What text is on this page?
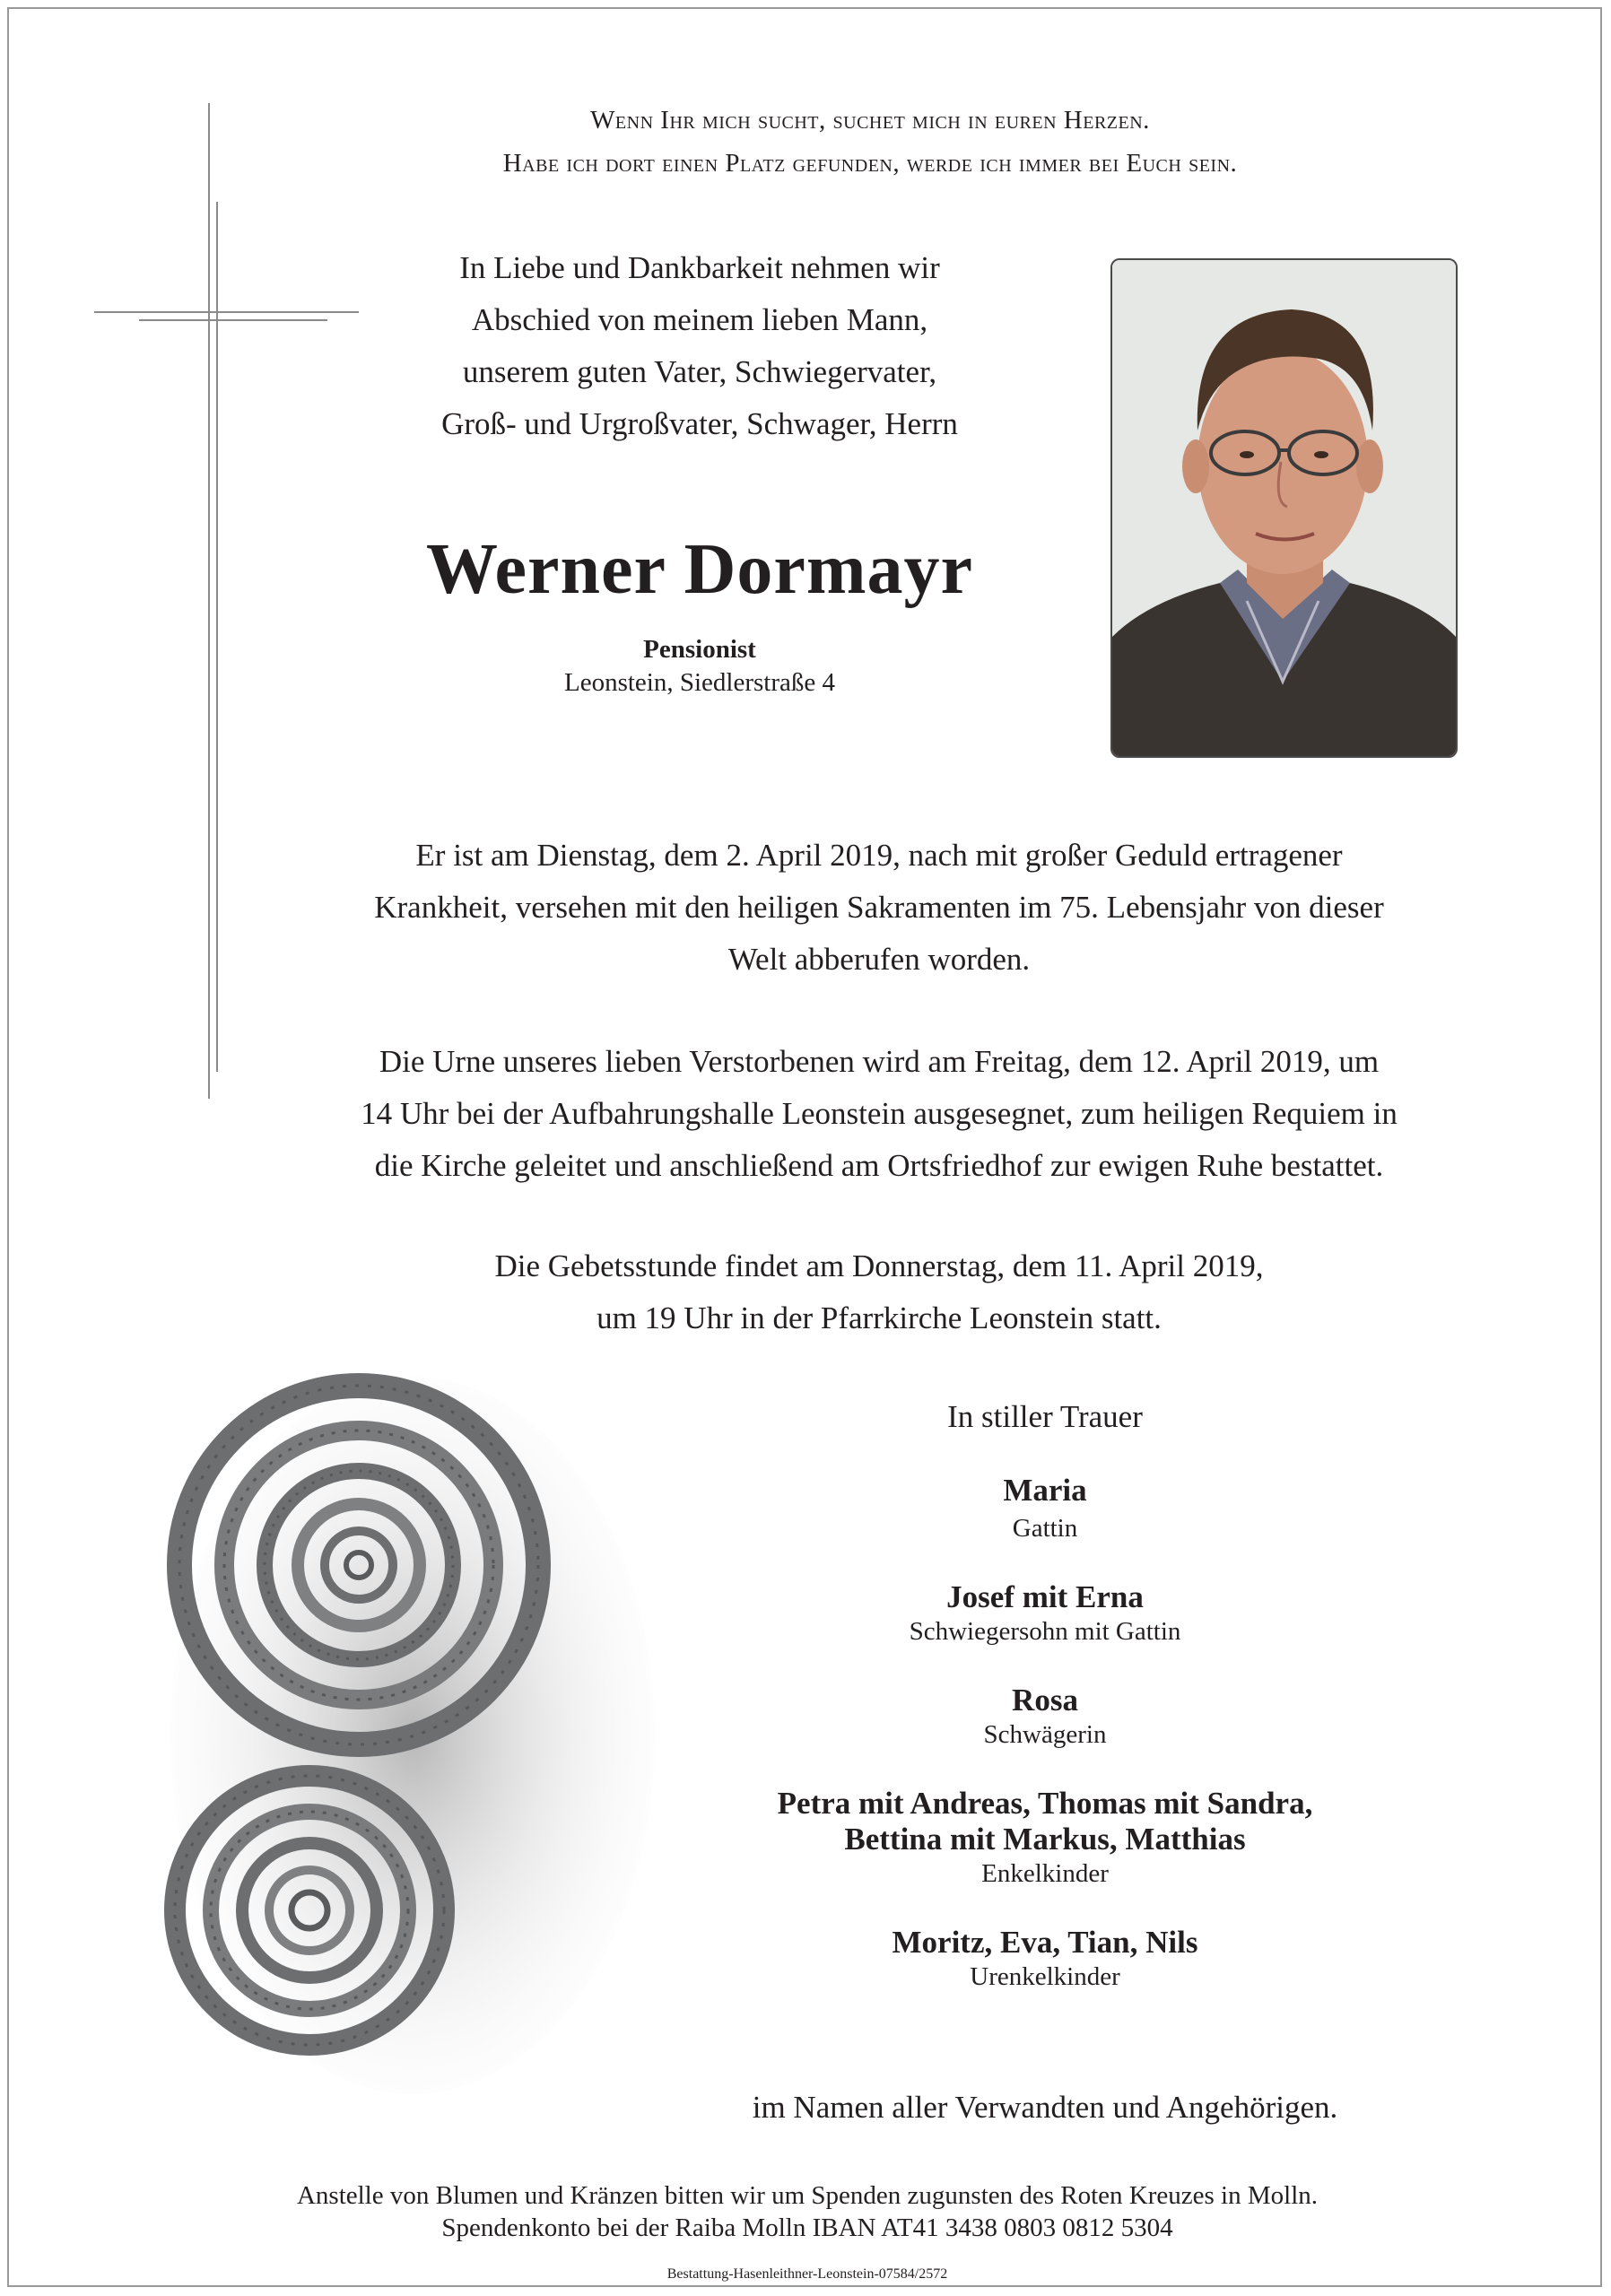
Wenn Ihr mich sucht, suchet mich in euren Herzen.
Habe ich dort einen Platz gefunden, werde ich immer bei Euch sein.
In Liebe und Dankbarkeit nehmen wir
Abschied von meinem lieben Mann,
unserem guten Vater, Schwiegervater,
Groß- und Urgroßvater, Schwager, Herrn
Werner Dormayr
Pensionist
Leonstein, Siedlerstraße 4
Er ist am Dienstag, dem 2. April 2019, nach mit großer Geduld ertragener
Krankheit, versehen mit den heiligen Sakramenten im 75. Lebensjahr von dieser
Welt abberufen worden.
Die Urne unseres lieben Verstorbenen wird am Freitag, dem 12. April 2019, um
14 Uhr bei der Aufbahrungshalle Leonstein ausgesegnet, zum heiligen Requiem in
die Kirche geleitet und anschließend am Ortsfriedhof zur ewigen Ruhe bestattet.
Die Gebetsstunde findet am Donnerstag, dem 11. April 2019,
um 19 Uhr in der Pfarrkirche Leonstein statt.
In stiller Trauer
Maria
Gattin
Josef mit Erna
Schwiegersohn mit Gattin
Rosa
Schwägerin
Petra mit Andreas, Thomas mit Sandra,
Bettina mit Markus, Matthias
Enkelkinder
Moritz, Eva, Tian, Nils
Urenkelkinder
im Namen aller Verwandten und Angehörigen.
Anstelle von Blumen und Kränzen bitten wir um Spenden zugunsten des Roten Kreuzes in Molln.
Spendenkonto bei der Raiba Molln IBAN AT41 3438 0803 0812 5304
Bestattung-Hasenleithner-Leonstein-07584/2572
